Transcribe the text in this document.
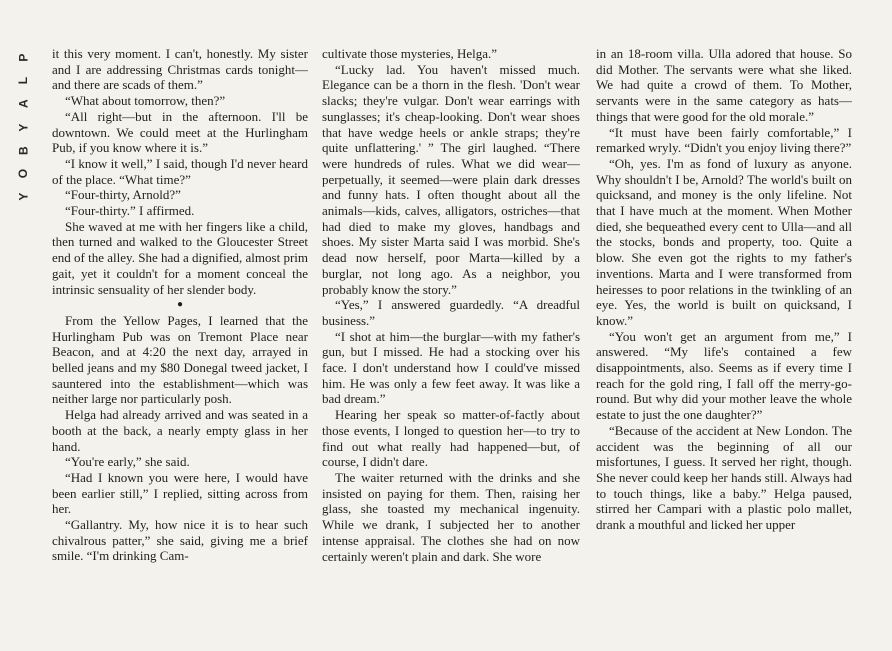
P
L
A
Y
B
O
Y

it this very moment. I can't, honestly. My sister and I are addressing Christmas cards tonight—and there are scads of them.”

“What about tomorrow, then?”

“All right—but in the afternoon. I'll be downtown. We could meet at the Hurlingham Pub, if you know where it is.”

“I know it well,” I said, though I'd never heard of the place. “What time?”

“Four-thirty, Arnold?”

“Four-thirty.” I affirmed.

She waved at me with her fingers like a child, then turned and walked to the Gloucester Street end of the alley. She had a dignified, almost prim gait, yet it couldn't for a moment conceal the intrinsic sensuality of her slender body.

●

From the Yellow Pages, I learned that the Hurlingham Pub was on Tremont Place near Beacon, and at 4:20 the next day, arrayed in belled jeans and my $80 Donegal tweed jacket, I sauntered into the establishment—which was neither large nor particularly posh.

Helga had already arrived and was seated in a booth at the back, a nearly empty glass in her hand.

“You're early,” she said.

“Had I known you were here, I would have been earlier still,” I replied, sitting across from her.

“Gallantry. My, how nice it is to hear such chivalrous patter,” she said, giving me a brief smile. “I'm drinking Cam-

cultivate those mysteries, Helga.”

“Lucky lad. You haven't missed much. Elegance can be a thorn in the flesh. 'Don't wear slacks; they're vulgar. Don't wear earrings with sunglasses; it's cheap-looking. Don't wear shoes that have wedge heels or ankle straps; they're quite unflattering.' ” The girl laughed. “There were hundreds of rules. What we did wear—perpetually, it seemed—were plain dark dresses and funny hats. I often thought about all the animals—kids, calves, alligators, ostriches—that had died to make my gloves, handbags and shoes. My sister Marta said I was morbid. She's dead now herself, poor Marta—killed by a burglar, not long ago. As a neighbor, you probably know the story.”

“Yes,” I answered guardedly. “A dreadful business.”

“I shot at him—the burglar—with my father's gun, but I missed. He had a stocking over his face. I don't understand how I could've missed him. He was only a few feet away. It was like a bad dream.”

Hearing her speak so matter-of-factly about those events, I longed to question her—to try to find out what really had happened—but, of course, I didn't dare.

The waiter returned with the drinks and she insisted on paying for them. Then, raising her glass, she toasted my mechanical ingenuity. While we drank, I subjected her to another intense appraisal. The clothes she had on now certainly weren't plain and dark. She wore

in an 18-room villa. Ulla adored that house. So did Mother. The servants were what she liked. We had quite a crowd of them. To Mother, servants were in the same category as hats—things that were good for the old morale.”

“It must have been fairly comfortable,” I remarked wryly. “Didn't you enjoy living there?”

“Oh, yes. I'm as fond of luxury as anyone. Why shouldn't I be, Arnold? The world's built on quicksand, and money is the only lifeline. Not that I have much at the moment. When Mother died, she bequeathed every cent to Ulla—and all the stocks, bonds and property, too. Quite a blow. She even got the rights to my father's inventions. Marta and I were transformed from heiresses to poor relations in the twinkling of an eye. Yes, the world is built on quicksand, I know.”

“You won't get an argument from me,” I answered. “My life's contained a few disappointments, also. Seems as if every time I reach for the gold ring, I fall off the merry-go-round. But why did your mother leave the whole estate to just the one daughter?”

“Because of the accident at New London. The accident was the beginning of all our misfortunes, I guess. It served her right, though. She never could keep her hands still. Always had to touch things, like a baby.” Helga paused, stirred her Campari with a plastic polo mallet, drank a mouthful and licked her upper
